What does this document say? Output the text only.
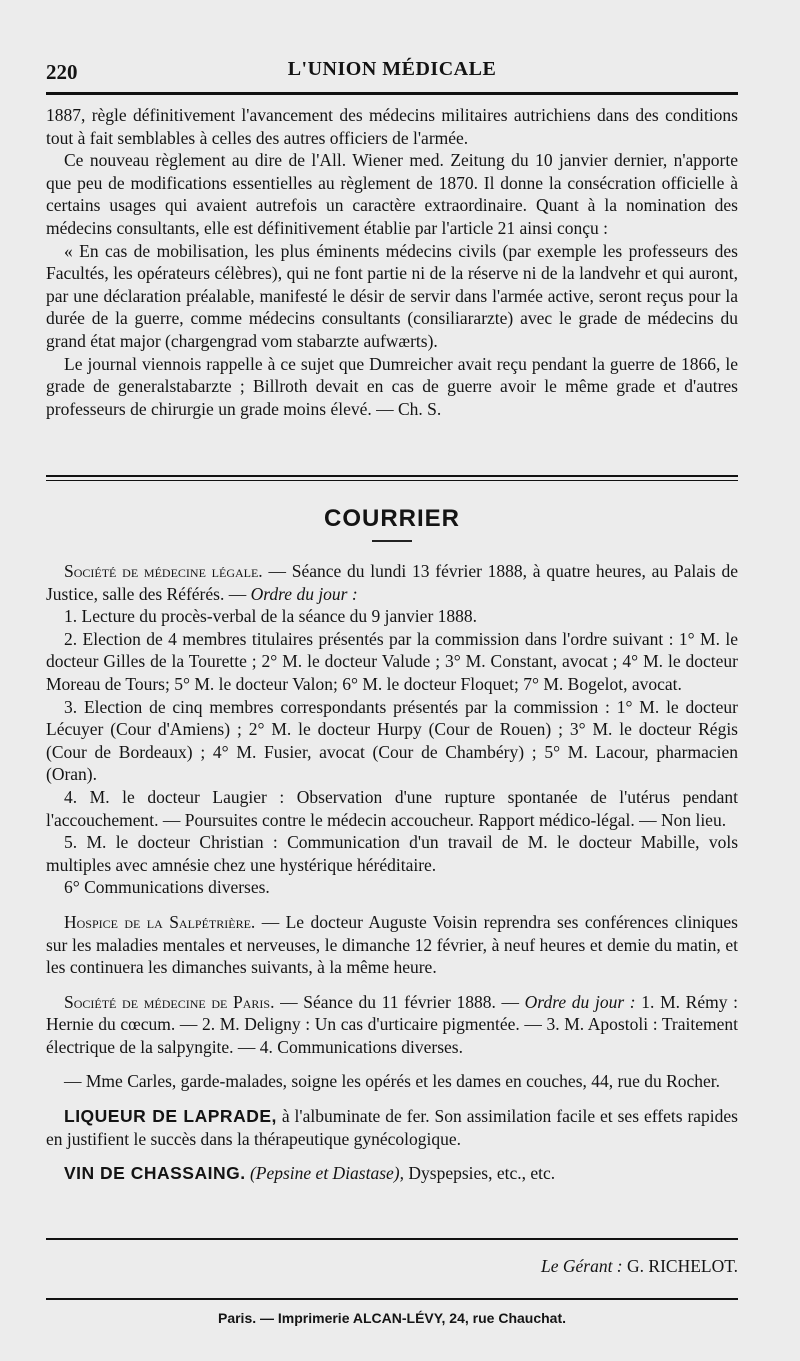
220	L'UNION MÉDICALE

1887, règle définitivement l'avancement des médecins militaires autrichiens dans des conditions tout à fait semblables à celles des autres officiers de l'armée.

Ce nouveau règlement au dire de l'All. Wiener med. Zeitung du 10 janvier dernier, n'apporte que peu de modifications essentielles au règlement de 1870. Il donne la consécration officielle à certains usages qui avaient autrefois un caractère extraordinaire. Quant à la nomination des médecins consultants, elle est définitivement établie par l'article 21 ainsi conçu :

« En cas de mobilisation, les plus éminents médecins civils (par exemple les professeurs des Facultés, les opérateurs célèbres), qui ne font partie ni de la réserve ni de la landvehr et qui auront, par une déclaration préalable, manifesté le désir de servir dans l'armée active, seront reçus pour la durée de la guerre, comme médecins consultants (consiliararzte) avec le grade de médecins du grand état major (chargengrad vom stabarzte aufwærts).

Le journal viennois rappelle à ce sujet que Dumreicher avait reçu pendant la guerre de 1866, le grade de generalstabarzte ; Billroth devait en cas de guerre avoir le même grade et d'autres professeurs de chirurgie un grade moins élevé. — Ch. S.

COURRIER

Société de médecine légale. — Séance du lundi 13 février 1888, à quatre heures, au Palais de Justice, salle des Référés. — Ordre du jour :

1. Lecture du procès-verbal de la séance du 9 janvier 1888.

2. Election de 4 membres titulaires présentés par la commission dans l'ordre suivant : 1° M. le docteur Gilles de la Tourette ; 2° M. le docteur Valude ; 3° M. Constant, avocat ; 4° M. le docteur Moreau de Tours; 5° M. le docteur Valon; 6° M. le docteur Floquet; 7° M. Bogelot, avocat.

3. Election de cinq membres correspondants présentés par la commission : 1° M. le docteur Lécuyer (Cour d'Amiens) ; 2° M. le docteur Hurpy (Cour de Rouen) ; 3° M. le docteur Régis (Cour de Bordeaux) ; 4° M. Fusier, avocat (Cour de Chambéry) ; 5° M. Lacour, pharmacien (Oran).

4. M. le docteur Laugier : Observation d'une rupture spontanée de l'utérus pendant l'accouchement. — Poursuites contre le médecin accoucheur. Rapport médico-légal. — Non lieu.

5. M. le docteur Christian : Communication d'un travail de M. le docteur Mabille, vols multiples avec amnésie chez une hystérique héréditaire.

6° Communications diverses.

Hospice de la Salpétrière. — Le docteur Auguste Voisin reprendra ses conférences cliniques sur les maladies mentales et nerveuses, le dimanche 12 février, à neuf heures et demie du matin, et les continuera les dimanches suivants, à la même heure.

Société de médecine de Paris. — Séance du 11 février 1888. — Ordre du jour : 1. M. Rémy : Hernie du cœcum. — 2. M. Deligny : Un cas d'urticaire pigmentée. — 3. M. Apostoli : Traitement électrique de la salpyngite. — 4. Communications diverses.

— Mme Carles, garde-malades, soigne les opérés et les dames en couches, 44, rue du Rocher.

LIQUEUR DE LAPRADE, à l'albuminate de fer. Son assimilation facile et ses effets rapides en justifient le succès dans la thérapeutique gynécologique.

VIN DE CHASSAING. (Pepsine et Diastase), Dyspepsies, etc., etc.

Le Gérant : G. RICHELOT.
Paris. — Imprimerie ALCAN-LÉVY, 24, rue Chauchat.
